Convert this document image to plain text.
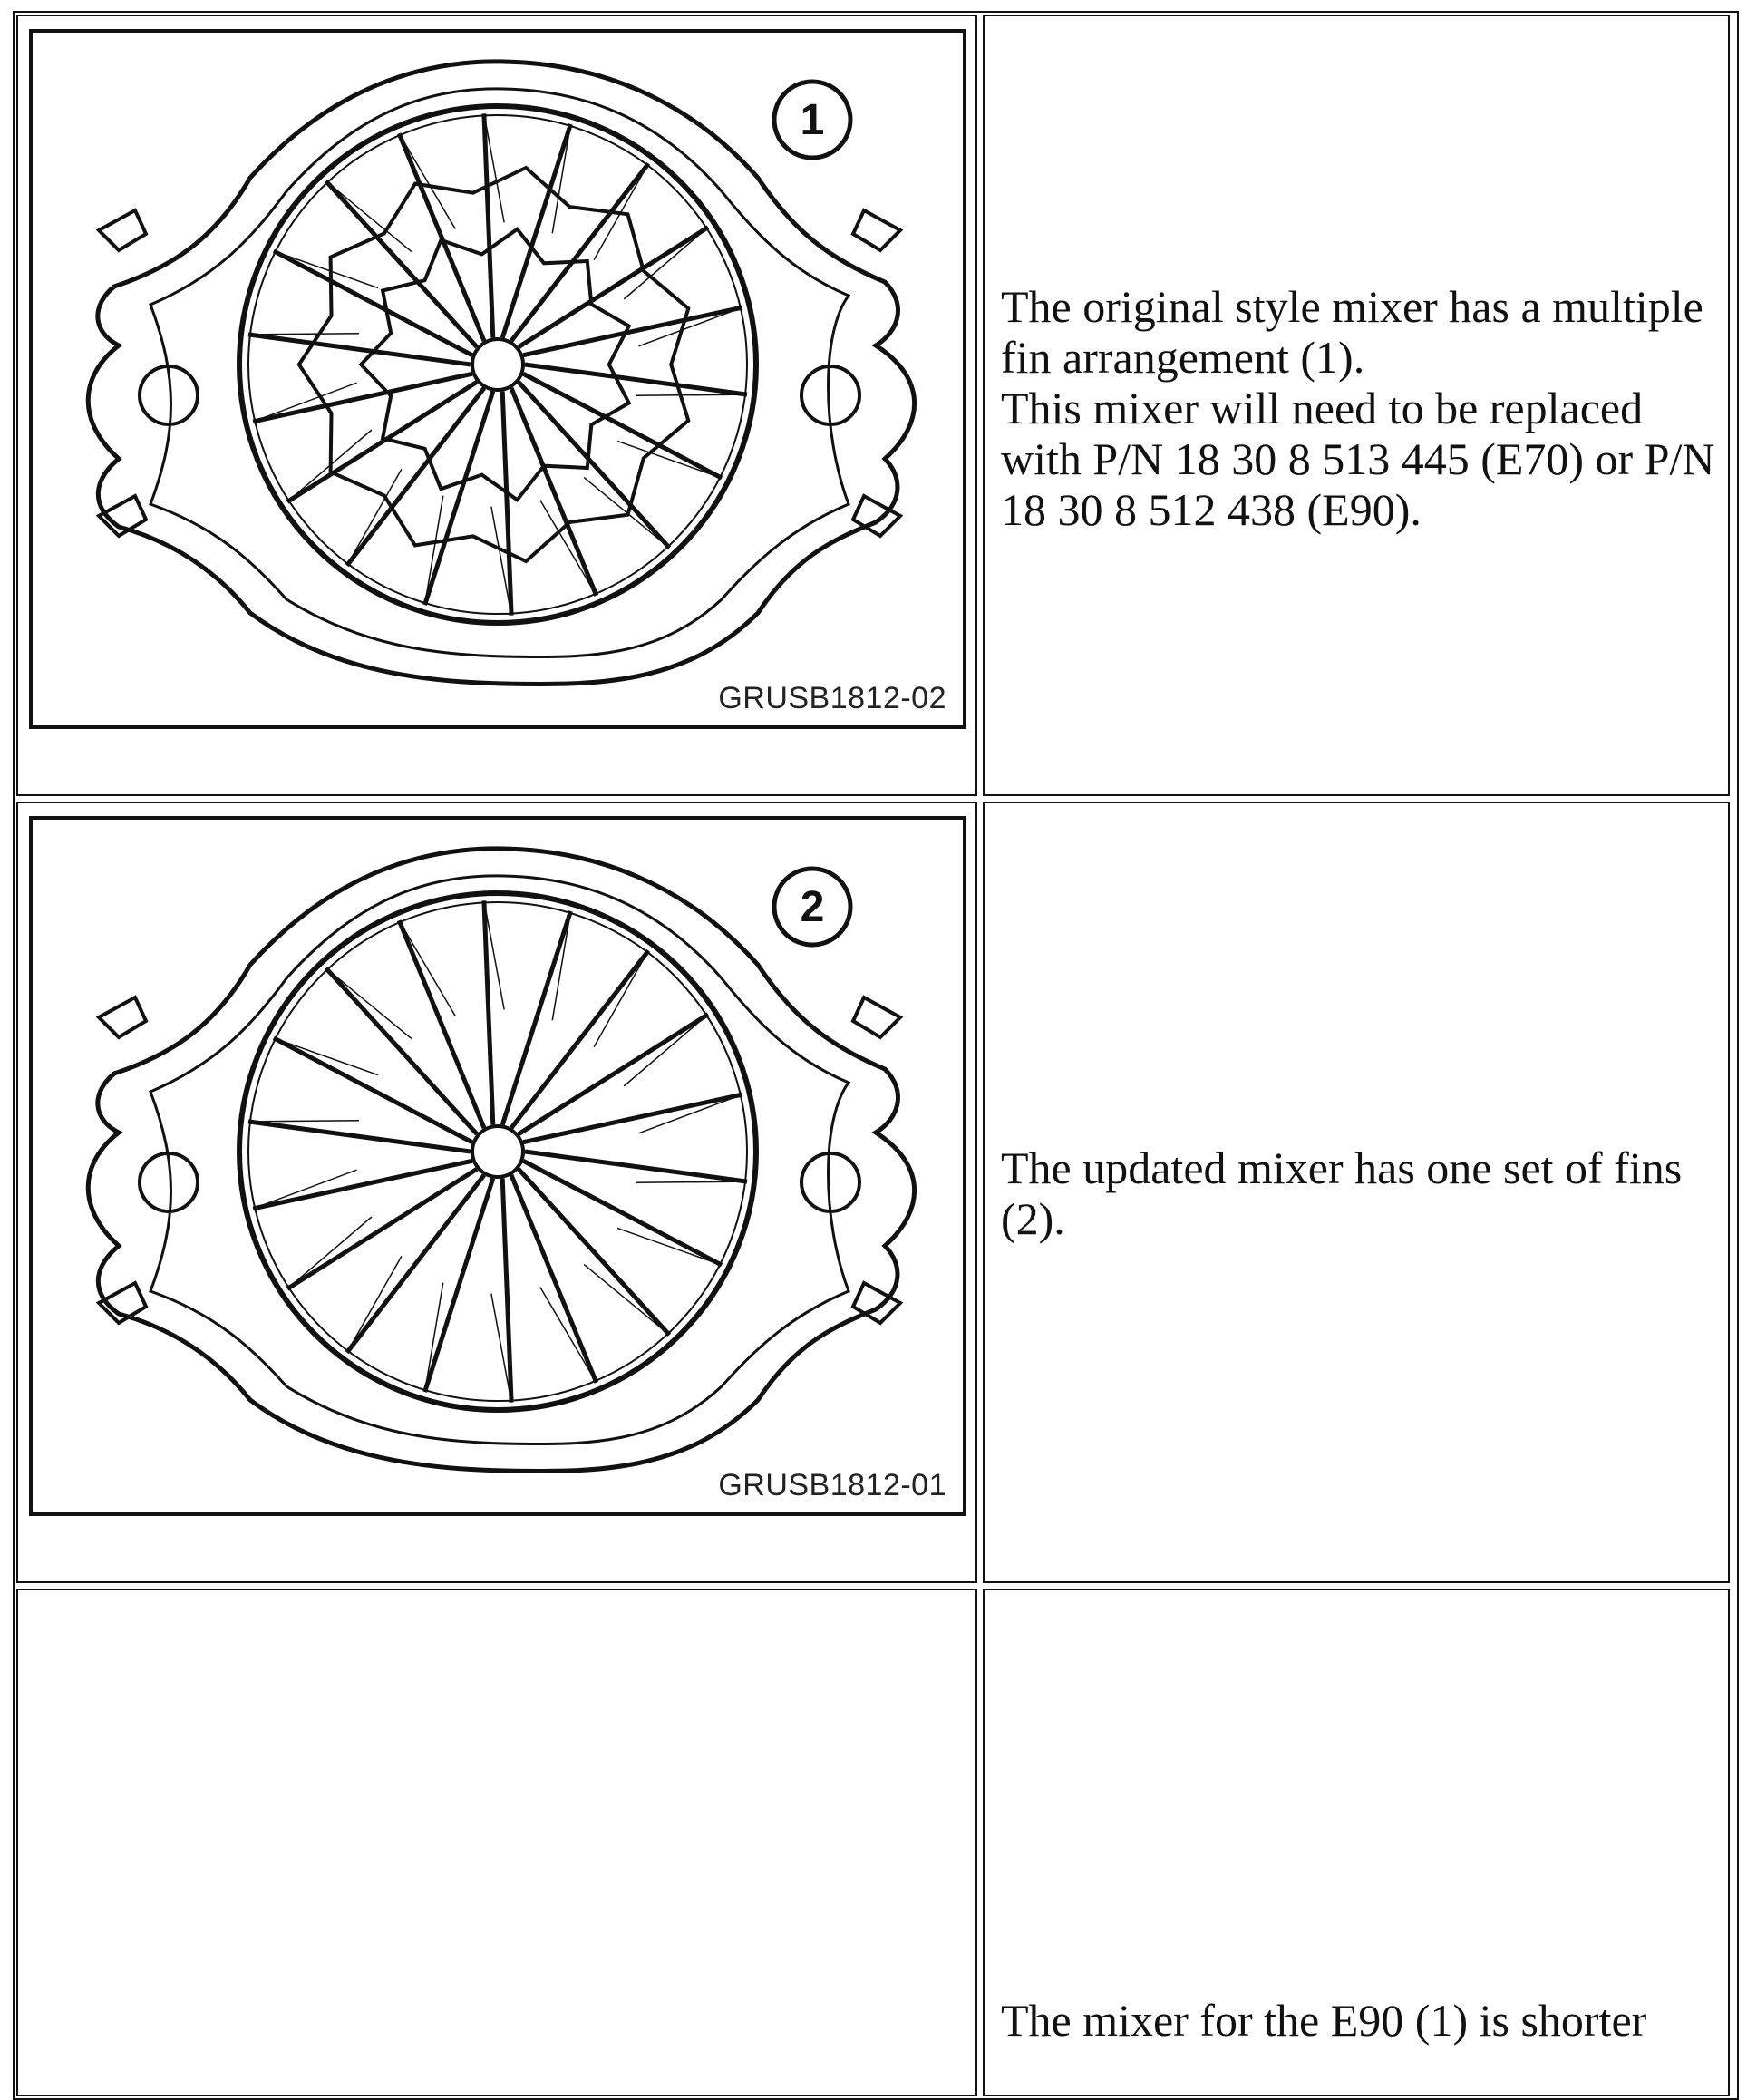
1
GRUSB1812-02
2
GRUSB1812-01
The original style mixer has a multiple
fin arrangement (1).
This mixer will need to be replaced
with P/N 18 30 8 513 445 (E70) or P/N
18 30 8 512 438 (E90).
The updated mixer has one set of fins
(2).
The mixer for the E90 (1) is shorter
